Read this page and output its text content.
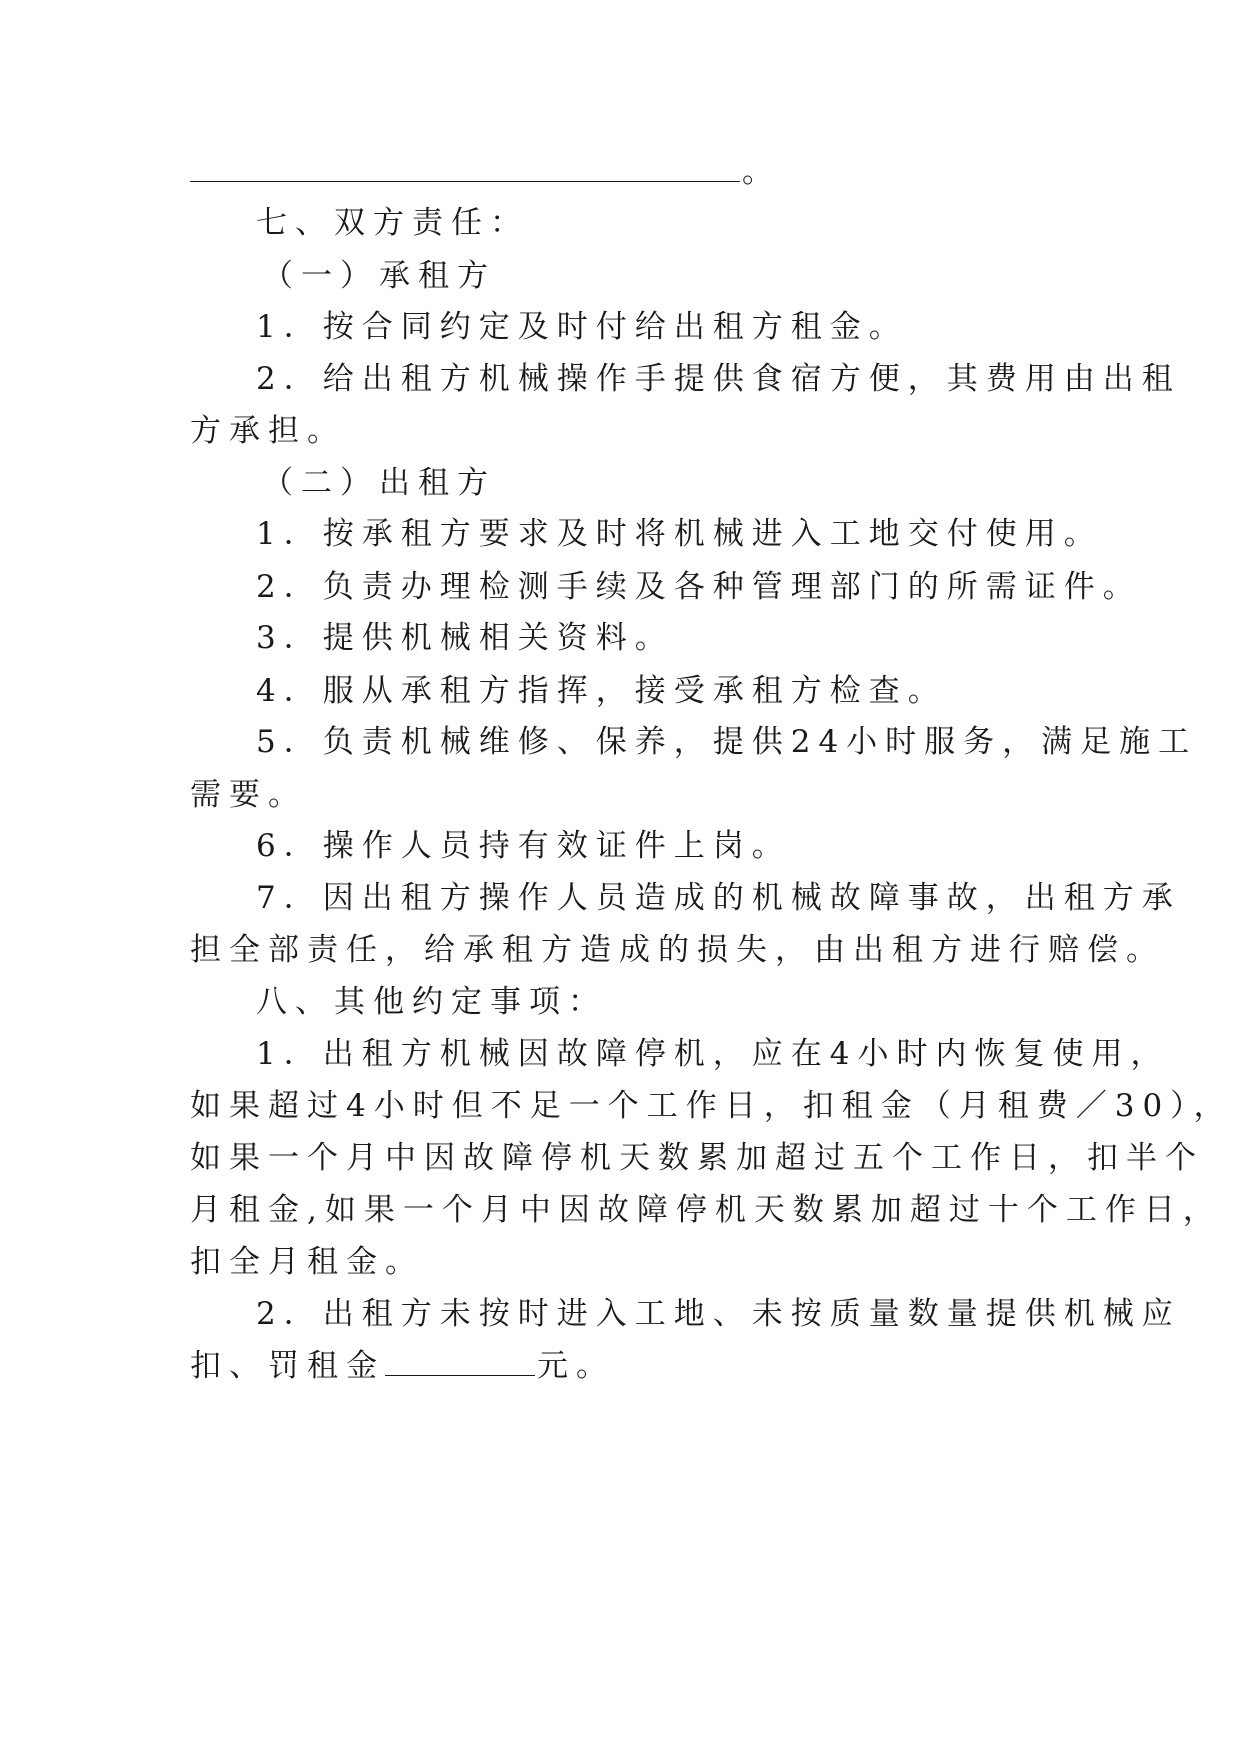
。
七、双方责任：
（一）承租方
1．按合同约定及时付给出租方租金。
2．给出租方机械操作手提供食宿方便，其费用由出租
方承担。
（二）出租方
1．按承租方要求及时将机械进入工地交付使用。
2．负责办理检测手续及各种管理部门的所需证件。
3．提供机械相关资料。
4．服从承租方指挥，接受承租方检查。
5．负责机械维修、保养，提供24小时服务，满足施工
需要。
6．操作人员持有效证件上岗。
7．因出租方操作人员造成的机械故障事故，出租方承
担全部责任，给承租方造成的损失，由出租方进行赔偿。
八、其他约定事项：
1．出租方机械因故障停机，应在4小时内恢复使用，
如果超过4小时但不足一个工作日，扣租金（月租费／30），
如果一个月中因故障停机天数累加超过五个工作日，扣半个
月租金,如果一个月中因故障停机天数累加超过十个工作日，
扣全月租金。
2．出租方未按时进入工地、未按质量数量提供机械应
扣、罚租金	元。
